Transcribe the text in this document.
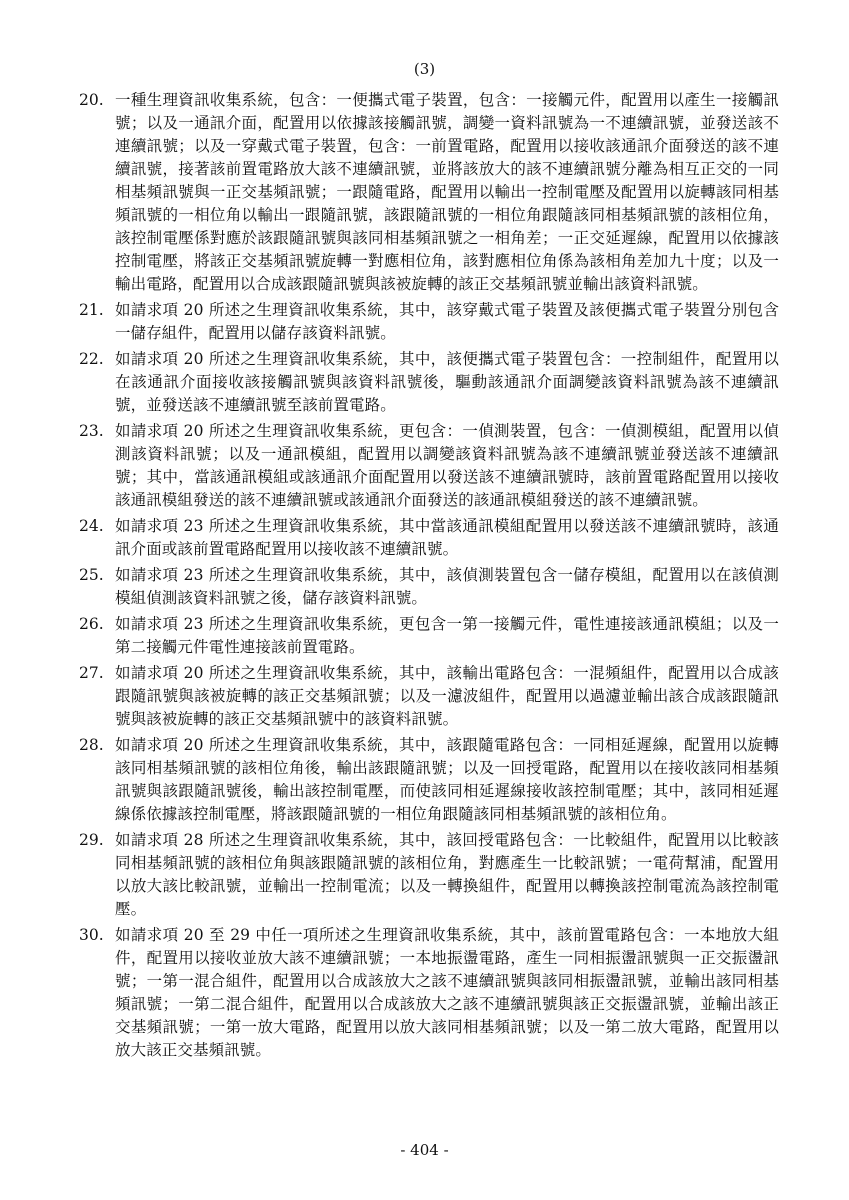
(3)
20. 一種生理資訊收集系統，包含：一便攜式電子裝置，包含：一接觸元件，配置用以產生一接觸訊號；以及一通訊介面，配置用以依據該接觸訊號，調變一資料訊號為一不連續訊號，並發送該不連續訊號；以及一穿戴式電子裝置，包含：一前置電路，配置用以接收該通訊介面發送的該不連續訊號，接著該前置電路放大該不連續訊號，並將該放大的該不連續訊號分離為相互正交的一同相基頻訊號與一正交基頻訊號；一跟隨電路，配置用以輸出一控制電壓及配置用以旋轉該同相基頻訊號的一相位角以輸出一跟隨訊號，該跟隨訊號的一相位角跟隨該同相基頻訊號的該相位角，該控制電壓係對應於該跟隨訊號與該同相基頻訊號之一相角差；一正交延遲線，配置用以依據該控制電壓，將該正交基頻訊號旋轉一對應相位角，該對應相位角係為該相角差加九十度；以及一輸出電路，配置用以合成該跟隨訊號與該被旋轉的該正交基頻訊號並輸出該資料訊號。
21. 如請求項 20 所述之生理資訊收集系統，其中，該穿戴式電子裝置及該便攜式電子裝置分別包含一儲存組件，配置用以儲存該資料訊號。
22. 如請求項 20 所述之生理資訊收集系統，其中，該便攜式電子裝置包含：一控制組件，配置用以在該通訊介面接收該接觸訊號與該資料訊號後，驅動該通訊介面調變該資料訊號為該不連續訊號，並發送該不連續訊號至該前置電路。
23. 如請求項 20 所述之生理資訊收集系統，更包含：一偵測裝置，包含：一偵測模組，配置用以偵測該資料訊號；以及一通訊模組，配置用以調變該資料訊號為該不連續訊號並發送該不連續訊號；其中，當該通訊模組或該通訊介面配置用以發送該不連續訊號時，該前置電路配置用以接收該通訊模組發送的該不連續訊號或該通訊介面發送的該通訊模組發送的該不連續訊號。
24. 如請求項 23 所述之生理資訊收集系統，其中當該通訊模組配置用以發送該不連續訊號時，該通訊介面或該前置電路配置用以接收該不連續訊號。
25. 如請求項 23 所述之生理資訊收集系統，其中，該偵測裝置包含一儲存模組，配置用以在該偵測模組偵測該資料訊號之後，儲存該資料訊號。
26. 如請求項 23 所述之生理資訊收集系統，更包含一第一接觸元件，電性連接該通訊模組；以及一第二接觸元件電性連接該前置電路。
27. 如請求項 20 所述之生理資訊收集系統，其中，該輸出電路包含：一混頻組件，配置用以合成該跟隨訊號與該被旋轉的該正交基頻訊號；以及一濾波組件，配置用以過濾並輸出該合成該跟隨訊號與該被旋轉的該正交基頻訊號中的該資料訊號。
28. 如請求項 20 所述之生理資訊收集系統，其中，該跟隨電路包含：一同相延遲線，配置用以旋轉該同相基頻訊號的該相位角後，輸出該跟隨訊號；以及一回授電路，配置用以在接收該同相基頻訊號與該跟隨訊號後，輸出該控制電壓，而使該同相延遲線接收該控制電壓；其中，該同相延遲線係依據該控制電壓，將該跟隨訊號的一相位角跟隨該同相基頻訊號的該相位角。
29. 如請求項 28 所述之生理資訊收集系統，其中，該回授電路包含：一比較組件，配置用以比較該同相基頻訊號的該相位角與該跟隨訊號的該相位角，對應產生一比較訊號；一電荷幫浦，配置用以放大該比較訊號，並輸出一控制電流；以及一轉換組件，配置用以轉換該控制電流為該控制電壓。
30. 如請求項 20 至 29 中任一項所述之生理資訊收集系統，其中，該前置電路包含：一本地放大組件，配置用以接收並放大該不連續訊號；一本地振盪電路，產生一同相振盪訊號與一正交振盪訊號；一第一混合組件，配置用以合成該放大之該不連續訊號與該同相振盪訊號，並輸出該同相基頻訊號；一第二混合組件，配置用以合成該放大之該不連續訊號與該正交振盪訊號，並輸出該正交基頻訊號；一第一放大電路，配置用以放大該同相基頻訊號；以及一第二放大電路，配置用以放大該正交基頻訊號。
- 404 -
